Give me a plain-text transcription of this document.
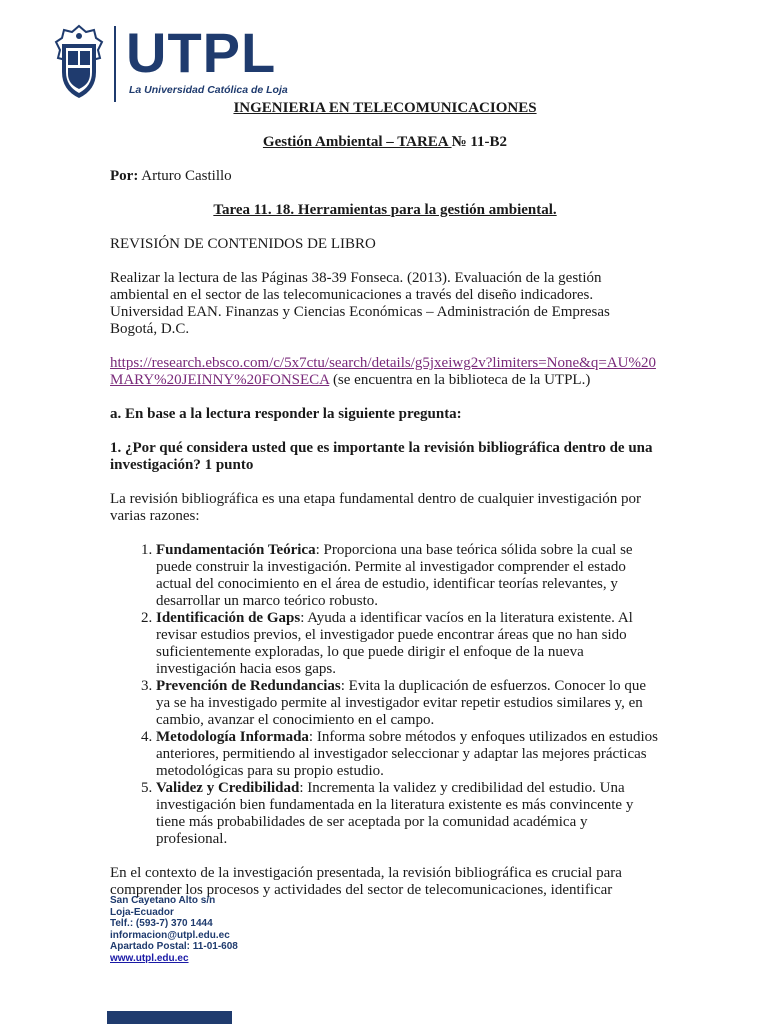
UTPL
La Universidad Católica de Loja

INGENIERIA EN TELECOMUNICACIONES

Gestión Ambiental – TAREA № 11-B2

Por: Arturo Castillo

Tarea 11. 18. Herramientas para la gestión ambiental.

REVISIÓN DE CONTENIDOS DE LIBRO

Realizar la lectura de las Páginas 38-39 Fonseca. (2013). Evaluación de la gestión ambiental en el sector de las telecomunicaciones a través del diseño indicadores. Universidad EAN. Finanzas y Ciencias Económicas – Administración de Empresas Bogotá, D.C.

https://research.ebsco.com/c/5x7ctu/search/details/g5jxeiwg2v?limiters=None&q=AU%20MARY%20JEINNY%20FONSECA (se encuentra en la biblioteca de la UTPL.)

a. En base a la lectura responder la siguiente pregunta:

1. ¿Por qué considera usted que es importante la revisión bibliográfica dentro de una investigación? 1 punto

La revisión bibliográfica es una etapa fundamental dentro de cualquier investigación por varias razones:

1. Fundamentación Teórica: Proporciona una base teórica sólida sobre la cual se puede construir la investigación. Permite al investigador comprender el estado actual del conocimiento en el área de estudio, identificar teorías relevantes, y desarrollar un marco teórico robusto.
2. Identificación de Gaps: Ayuda a identificar vacíos en la literatura existente. Al revisar estudios previos, el investigador puede encontrar áreas que no han sido suficientemente exploradas, lo que puede dirigir el enfoque de la nueva investigación hacia esos gaps.
3. Prevención de Redundancias: Evita la duplicación de esfuerzos. Conocer lo que ya se ha investigado permite al investigador evitar repetir estudios similares y, en cambio, avanzar el conocimiento en el campo.
4. Metodología Informada: Informa sobre métodos y enfoques utilizados en estudios anteriores, permitiendo al investigador seleccionar y adaptar las mejores prácticas metodológicas para su propio estudio.
5. Validez y Credibilidad: Incrementa la validez y credibilidad del estudio. Una investigación bien fundamentada en la literatura existente es más convincente y tiene más probabilidades de ser aceptada por la comunidad académica y profesional.

En el contexto de la investigación presentada, la revisión bibliográfica es crucial para comprender los procesos y actividades del sector de telecomunicaciones, identificar

San Cayetano Alto s/n
Loja-Ecuador
Telf.: (593-7) 370 1444
informacion@utpl.edu.ec
Apartado Postal: 11-01-608
www.utpl.edu.ec
